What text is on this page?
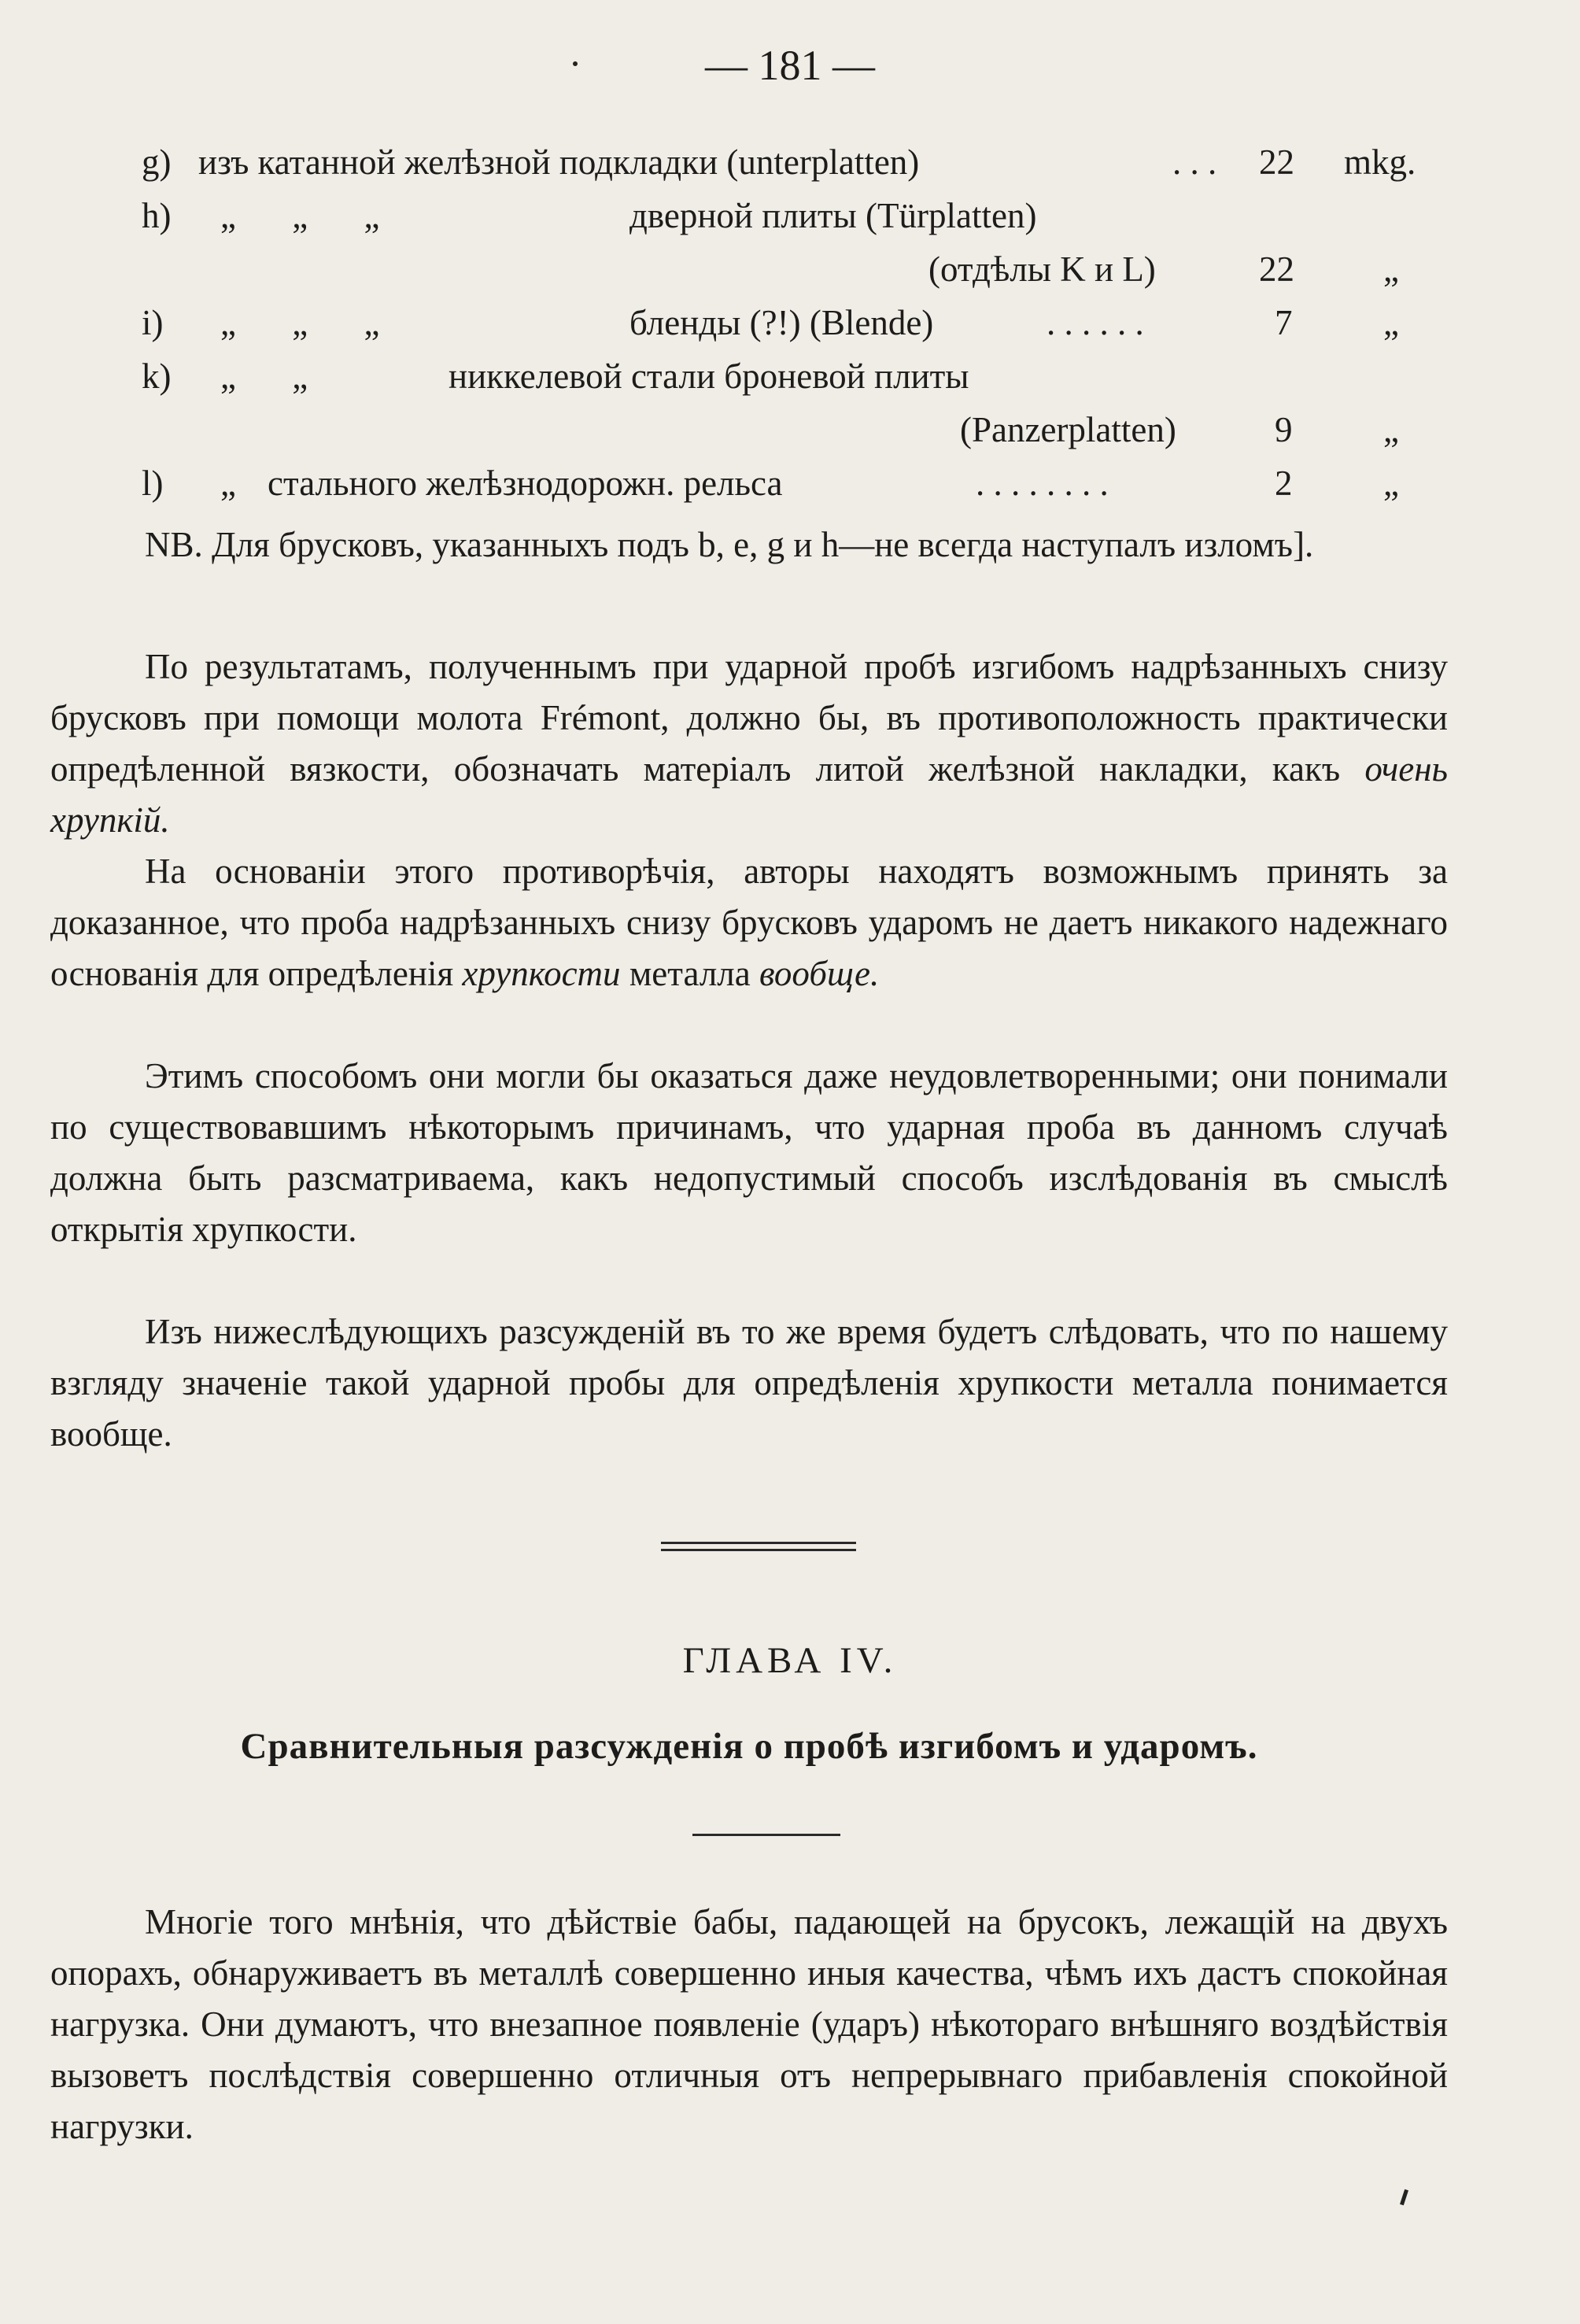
— 181 —
g) изъ катанной желѣзной подкладки (unterplatten)	. . . 22 mkg.
h) „ „ „	дверной плиты (Türplatten)
(отдѣлы K и L)	22	„
i) „ „ „	бленды (?!) (Blende)	. . . . . .	7	„
k) „ „	никкелевой стали броневой плиты
(Panzerplatten)	9	„
l) „ стального желѣзнодорожн. рельса	. . . . . . . .	2	„

NB. Для брусковъ, указанныхъ подъ b, e, g и h—не всегда наступалъ изломъ].

По результатамъ, полученнымъ при ударной пробѣ изгибомъ надрѣзанныхъ снизу брусковъ при помощи молота Frémont, должно бы, въ противоположность практически опредѣленной вязкости, обозначать матеріалъ литой желѣзной накладки, какъ очень хрупкій.

На основаніи этого противорѣчія, авторы находятъ возможнымъ принять за доказанное, что проба надрѣзанныхъ снизу брусковъ ударомъ не даетъ никакого надежнаго основанія для опредѣленія хрупкости металла вообще.

Этимъ способомъ они могли бы оказаться даже неудовлетворенными; они понимали по существовавшимъ нѣкоторымъ причинамъ, что ударная проба въ данномъ случаѣ должна быть разсматриваема, какъ недопустимый способъ изслѣдованія въ смыслѣ открытія хрупкости.

Изъ нижеслѣдующихъ разсужденій въ то же время будетъ слѣдовать, что по нашему взгляду значеніе такой ударной пробы для опредѣленія хрупкости металла понимается вообще.

ГЛАВА IV.
Сравнительныя разсужденія о пробѣ изгибомъ и ударомъ.

Многіе того мнѣнія, что дѣйствіе бабы, падающей на брусокъ, лежащій на двухъ опорахъ, обнаруживаетъ въ металлѣ совершенно иныя качества, чѣмъ ихъ дастъ спокойная нагрузка. Они думаютъ, что внезапное появленіе (ударъ) нѣкотораго внѣшняго воздѣйствія вызоветъ послѣдствія совершенно отличныя отъ непрерывнаго прибавленія спокойной нагрузки.
